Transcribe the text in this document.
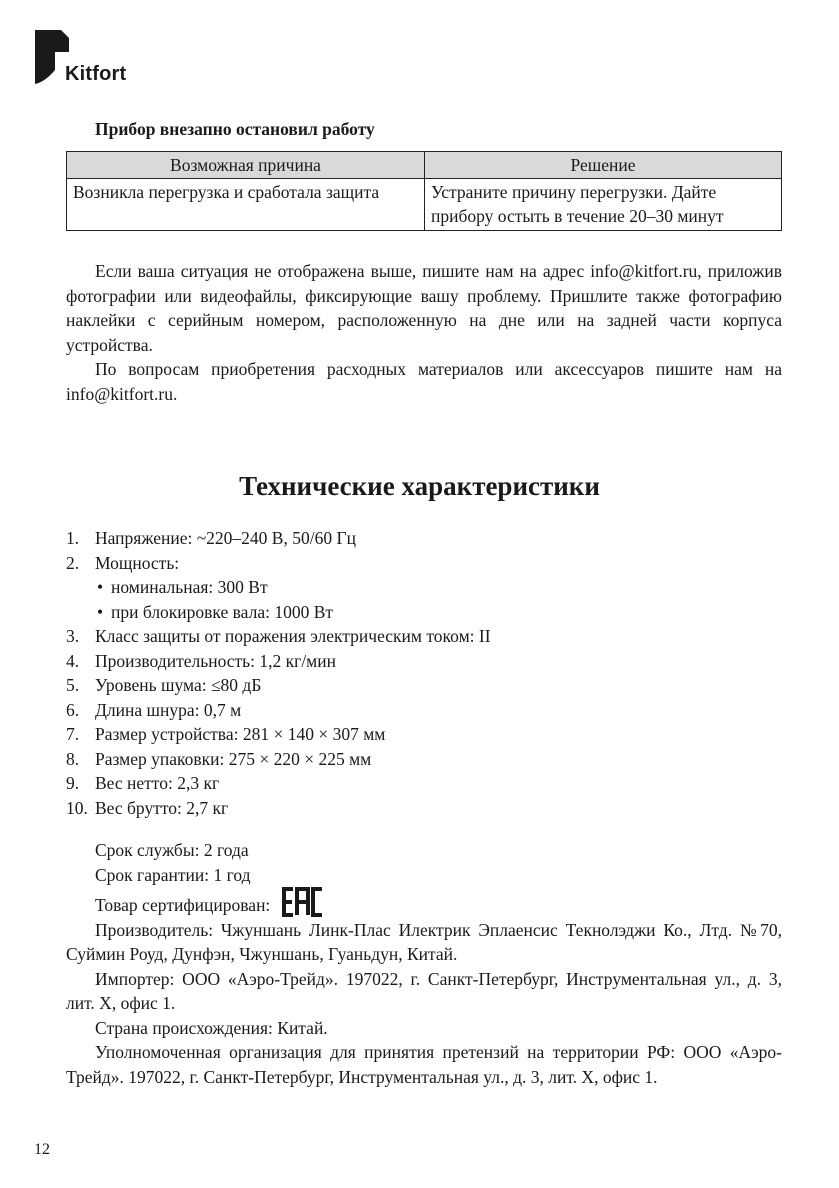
Kitfort
Прибор внезапно остановил работу
Возможная причина	Решение
Возникла перегрузка и сработала защита	Устраните причину перегрузки. Дайте прибору остыть в течение 20–30 минут

Если ваша ситуация не отображена выше, пишите нам на адрес info@kitfort.ru, приложив фотографии или видеофайлы, фиксирующие вашу проблему. Пришлите также фотографию наклейки с серийным номером, расположенную на дне или на задней части корпуса устройства.

По вопросам приобретения расходных материалов или аксессуаров пишите нам на info@kitfort.ru.

Технические характеристики
1. Напряжение: ~220–240 В, 50/60 Гц
2. Мощность:
• номинальная: 300 Вт
• при блокировке вала: 1000 Вт
3. Класс защиты от поражения электрическим током: II
4. Производительность: 1,2 кг/мин
5. Уровень шума: ≤80 дБ
6. Длина шнура: 0,7 м
7. Размер устройства: 281 × 140 × 307 мм
8. Размер упаковки: 275 × 220 × 225 мм
9. Вес нетто: 2,3 кг
10. Вес брутто: 2,7 кг

Срок службы: 2 года

Срок гарантии: 1 год

Товар сертифицирован:

Производитель: Чжуншань Линк-Плас Илектрик Эплаенсис Текнолэджи Ко., Лтд. №70, Суймин Роуд, Дунфэн, Чжуншань, Гуаньдун, Китай.

Импортер: ООО «Аэро-Трейд». 197022, г. Санкт-Петербург, Инструментальная ул., д. 3, лит. Х, офис 1.

Страна происхождения: Китай.

Уполномоченная организация для принятия претензий на территории РФ: ООО «Аэро-Трейд». 197022, г. Санкт-Петербург, Инструментальная ул., д. 3, лит. Х, офис 1.

12
